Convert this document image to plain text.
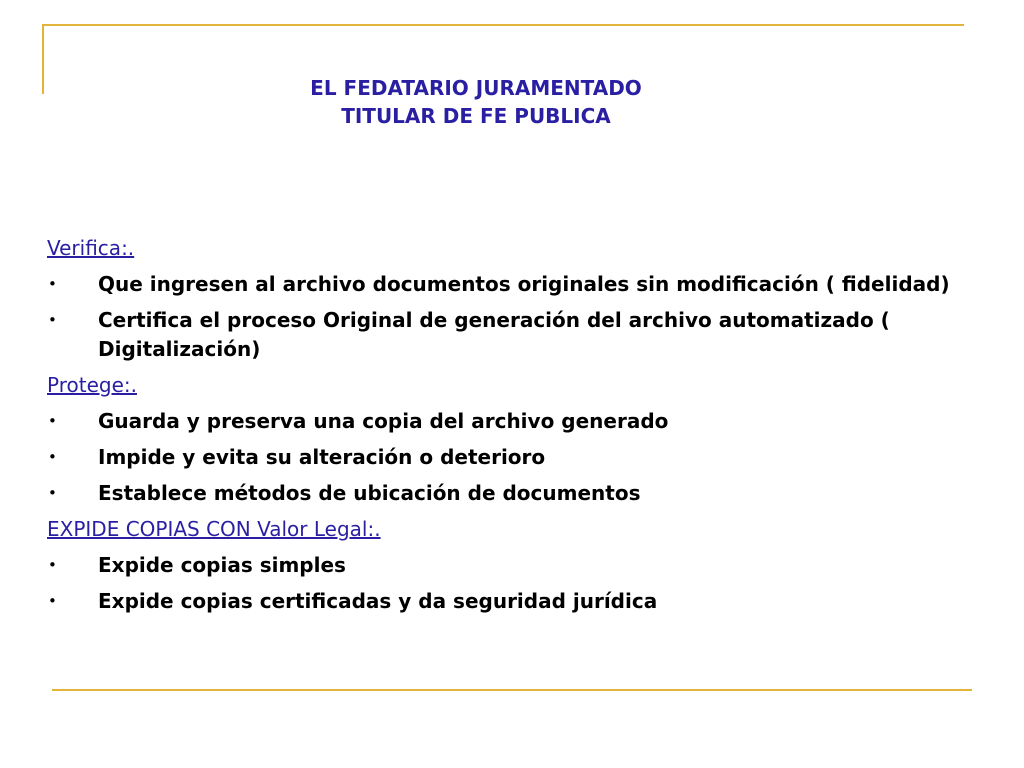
EL FEDATARIO JURAMENTADO
TITULAR DE FE PUBLICA
Verifica:.
• Que ingresen al archivo documentos originales sin modificación ( fidelidad)
• Certifica el proceso Original de generación del archivo automatizado ( Digitalización)
Protege:.
• Guarda y preserva una copia del archivo generado
• Impide y evita su alteración o deterioro
• Establece métodos de ubicación de documentos
EXPIDE COPIAS CON Valor Legal:.
• Expide copias simples
• Expide copias certificadas y da seguridad jurídica
